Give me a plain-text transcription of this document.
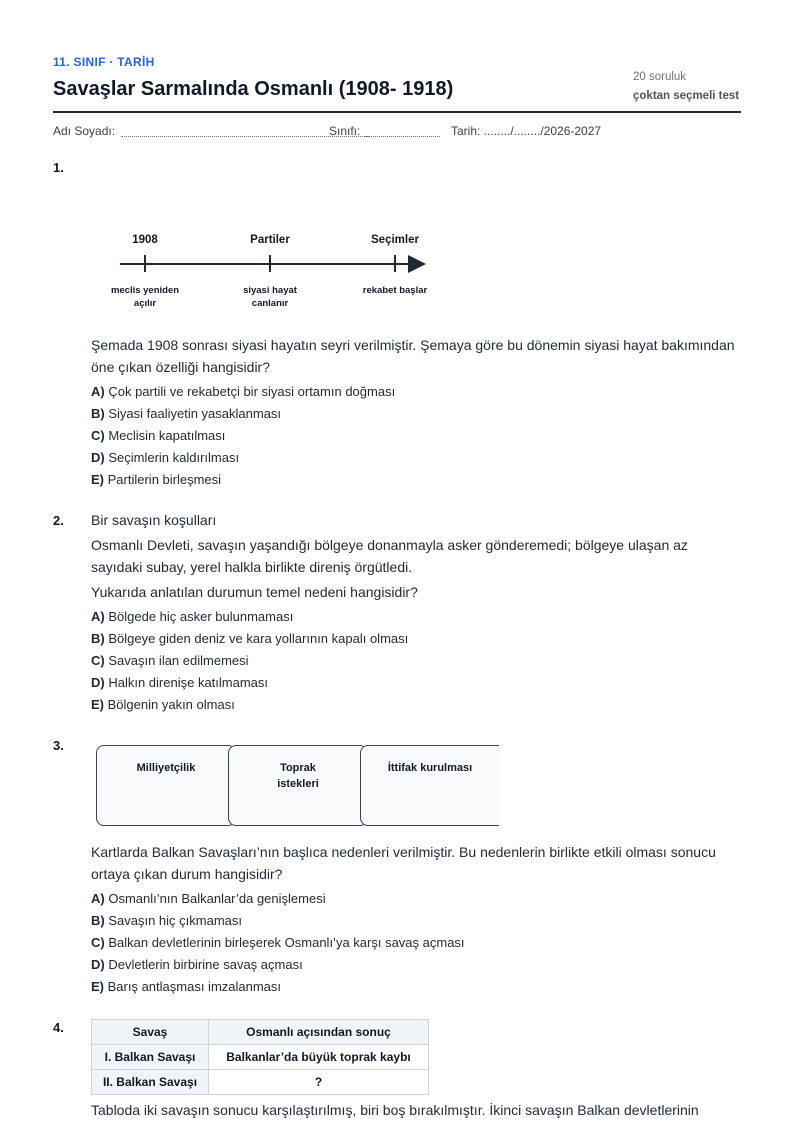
11. SINIF · TARİH
Savaşlar Sarmalında Osmanlı (1908- 1918)
20 soruluk
çoktan seçmeli test
Adı Soyadı:	Sınıfı:	Tarih: ......../......../2026-2027
1.
1908	Partiler	Seçimler
meclis yeniden açılır
siyasi hayat canlanır
rekabet başlar
Şemada 1908 sonrası siyasi hayatın seyri verilmiştir. Şemaya göre bu dönemin siyasi hayat bakımından öne çıkan özelliği hangisidir?
A) Çok partili ve rekabetçi bir siyasi ortamın doğması
B) Siyasi faaliyetin yasaklanması
C) Meclisin kapatılması
D) Seçimlerin kaldırılması
E) Partilerin birleşmesi
2. Bir savaşın koşulları
Osmanlı Devleti, savaşın yaşandığı bölgeye donanmayla asker gönderemedi; bölgeye ulaşan az sayıdaki subay, yerel halkla birlikte direniş örgütledi.
Yukarıda anlatılan durumun temel nedeni hangisidir?
A) Bölgede hiç asker bulunmaması
B) Bölgeye giden deniz ve kara yollarının kapalı olması
C) Savaşın ilan edilmemesi
D) Halkın direnişe katılmaması
E) Bölgenin yakın olması
3.
Milliyetçilik	Toprak istekleri
İttifak kurulması
Kartlarda Balkan Savaşları’nın başlıca nedenleri verilmiştir. Bu nedenlerin birlikte etkili olması sonucu ortaya çıkan durum hangisidir?
A) Osmanlı’nın Balkanlar’da genişlemesi
B) Savaşın hiç çıkmaması
C) Balkan devletlerinin birleşerek Osmanlı’ya karşı savaş açması
D) Devletlerin birbirine savaş açması
E) Barış antlaşması imzalanması
4.	Savaş	Osmanlı açısından sonuç
I. Balkan Savaşı	Balkanlar’da büyük toprak kaybı
II. Balkan Savaşı	?
Tabloda iki savaşın sonucu karşılaştırılmış, biri boş bırakılmıştır. İkinci savaşın Balkan devletlerinin
